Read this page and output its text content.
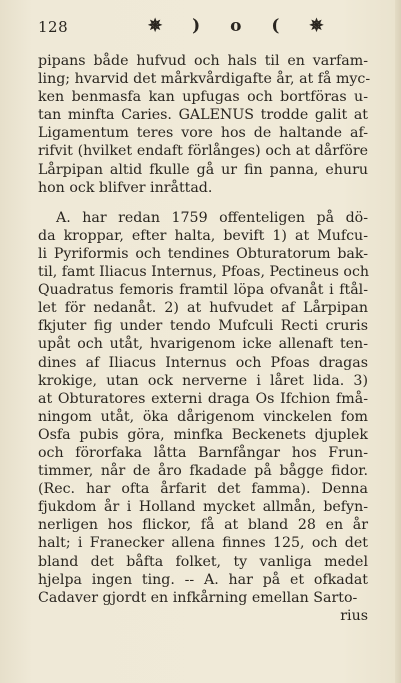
128	✵ ) o ( ✵
pipans både hufvud och hals til en varfam-
ling; hvarvid det mårkvårdigafte år, at få myc-
ken benmasfa kan upfugas och bortföras u-
tan minfta Caries. GALENUS trodde galit at
Ligamentum teres vore hos de haltande af-
rifvit (hvilket endaft förlånges) och at dårföre
Lårpipan altid fkulle gå ur fin panna, ehuru
hon ock blifver inråttad.
A. har redan 1759 offenteligen på dö-
da kroppar, efter halta, bevift 1) at Mufcu-
li Pyriformis och tendines Obturatorum bak-
til, famt Iliacus Internus, Pfoas, Pectineus och
Quadratus femoris framtil löpa ofvanåt i ftål-
let för nedanåt. 2) at hufvudet af Lårpipan
fkjuter fig under tendo Mufculi Recti cruris
upåt och utåt, hvarigenom icke allenaft ten-
dines af Iliacus Internus och Pfoas dragas
krokige, utan ock nerverne i låret lida. 3)
at Obturatores externi draga Os Ifchion fmå-
ningom utåt, öka dårigenom vinckelen fom
Osfa pubis göra, minfka Beckenets djuplek
och förorfaka låtta Barnfångar hos Frun-
timmer, når de åro fkadade på bågge fidor.
(Rec. har ofta årfarit det famma). Denna
fjukdom år i Holland mycket allmån, befyn-
nerligen hos flickor, få at bland 28 en år
halt; i Franecker allena finnes 125, och det
bland det båfta folket, ty vanliga medel
hjelpa ingen ting. -- A. har på et ofkadat
Cadaver gjordt en infkårning emellan Sarto-
rius
